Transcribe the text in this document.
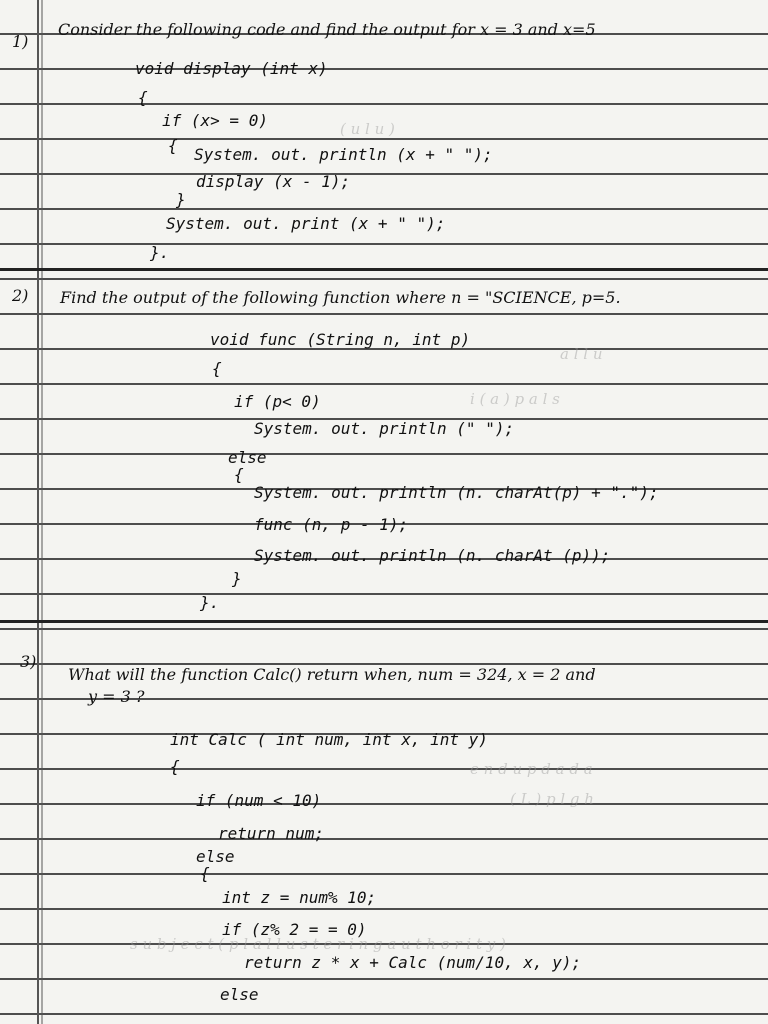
( u l u )
a l l u
i ( a ) p a l s
e n d u p d a d a
( L ) p l g h
s u b j e c t ( p l a l l u s t e r i n g a u t h o r i t y )
1)
Consider the following code and find the output for x = 3 and x=5
void display (int x)
{
if (x> = 0)
{ System. out. println (x + " ");
display (x - 1);
}
System. out. print (x + " ");
}.
2) Find the output of the following function where n = "SCIENCE, p=5.
void func (String n, int p)
{
if (p< 0)
System. out. println (" ");
else
{
System. out. println (n. charAt(p) + ".");
func (n, p - 1);
System. out. println (n. charAt (p));
}
}.
3)
What will the function Calc() return when, num = 324, x = 2 and
y = 3 ?
int Calc ( int num, int x, int y)
{
if (num < 10)
return num;
else
{
int z = num% 10;
if (z% 2 = = 0)
return z * x + Calc (num/10, x, y);
else
